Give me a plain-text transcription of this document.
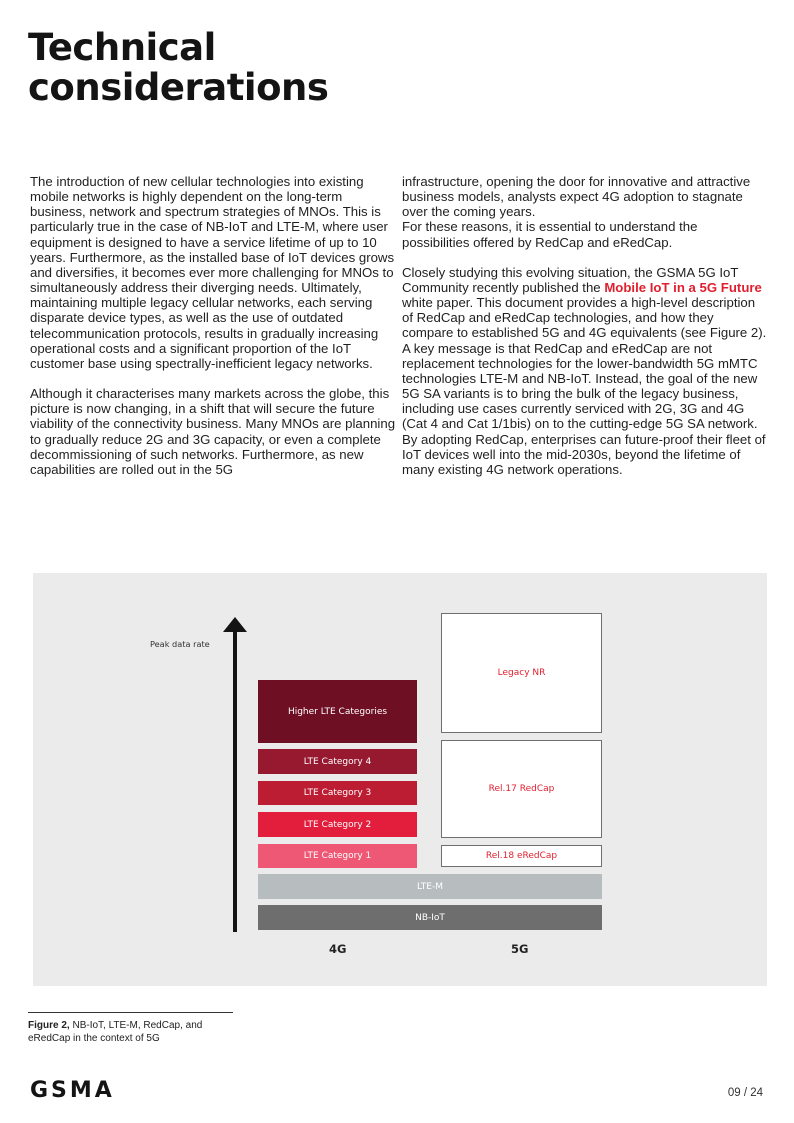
Technical
considerations

The introduction of new cellular technologies into existing mobile networks is highly dependent on the long-term business, network and spectrum strategies of MNOs. This is particularly true in the case of NB-IoT and LTE-M, where user equipment is designed to have a service lifetime of up to 10 years. Furthermore, as the installed base of IoT devices grows and diversifies, it becomes ever more challenging for MNOs to simultaneously address their diverging needs. Ultimately, maintaining multiple legacy cellular networks, each serving disparate device types, as well as the use of outdated telecommunication protocols, results in gradually increasing operational costs and a significant proportion of the IoT customer base using spectrally-inefficient legacy networks.

Although it characterises many markets across the globe, this picture is now changing, in a shift that will secure the future viability of the connectivity business. Many MNOs are planning to gradually reduce 2G and 3G capacity, or even a complete decommissioning of such networks. Furthermore, as new capabilities are rolled out in the 5G

infrastructure, opening the door for innovative and attractive business models, analysts expect 4G adoption to stagnate over the coming years.

For these reasons, it is essential to understand the possibilities offered by RedCap and eRedCap.

Closely studying this evolving situation, the GSMA 5G IoT Community recently published the Mobile IoT in a 5G Future white paper. This document provides a high-level description of RedCap and eRedCap technologies, and how they compare to established 5G and 4G equivalents (see Figure 2). A key message is that RedCap and eRedCap are not replacement technologies for the lower-bandwidth 5G mMTC technologies LTE-M and NB-IoT. Instead, the goal of the new 5G SA variants is to bring the bulk of the legacy business, including use cases currently serviced with 2G, 3G and 4G (Cat 4 and Cat 1/1bis) on to the cutting-edge 5G SA network. By adopting RedCap, enterprises can future-proof their fleet of IoT devices well into the mid-2030s, beyond the lifetime of many existing 4G network operations.

Peak data rate
Higher LTE Categories
LTE Category 4
LTE Category 3
LTE Category 2
LTE Category 1
Legacy NR
Rel.17 RedCap
Rel.18 eRedCap
LTE-M
NB-IoT
4G	5G
Figure 2, NB-IoT, LTE-M, RedCap, and eRedCap in the context of 5G
GSMA	09 / 24
